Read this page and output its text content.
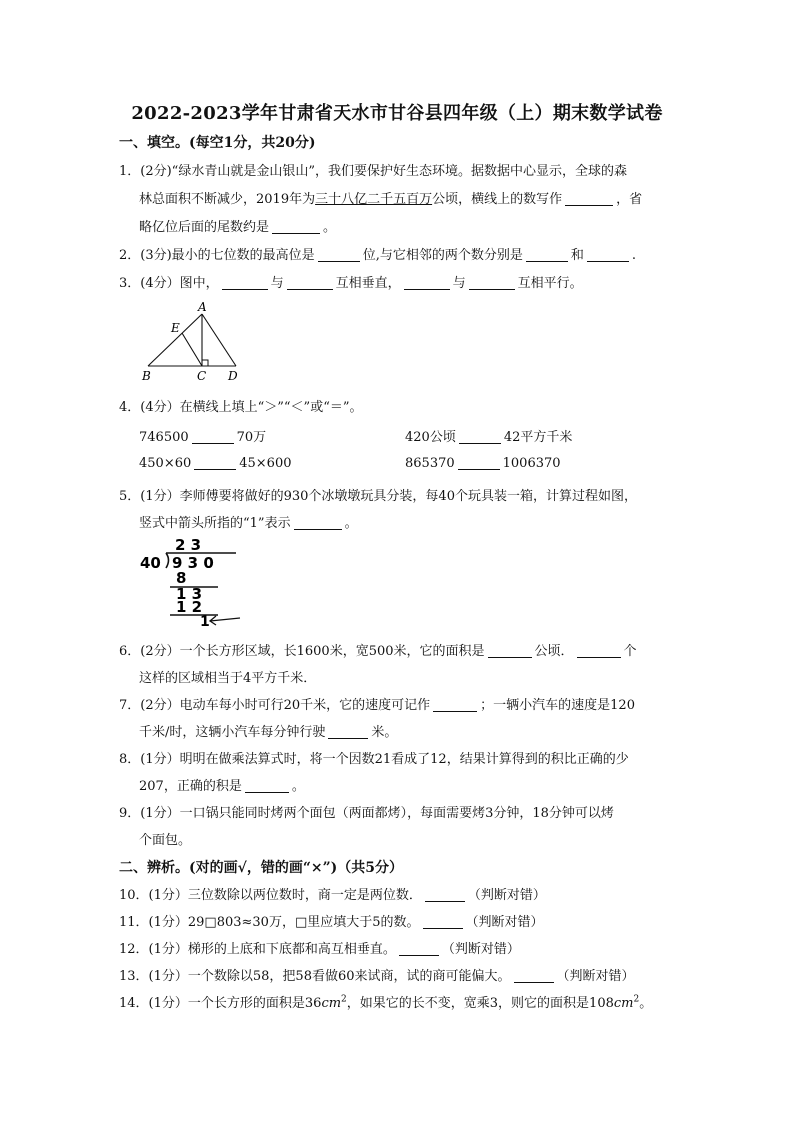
2022-2023学年甘肃省天水市甘谷县四年级（上）期末数学试卷
一、填空。(每空1分，共20分)
1．(2分)“绿水青山就是金山银山”，我们要保护好生态环境。据数据中心显示，全球的森
林总面积不断减少，2019年为三十八亿二千五百万公顷，横线上的数写作	，省
略亿位后面的尾数约是	。
2．(3分)最小的七位数的最高位是	位,与它相邻的两个数分别是	和	.
3．(4分）图中，	与	互相垂直，	与	互相平行。
A
E
B	C D
4．(4分）在横线上填上“＞”“＜”或“＝”。
746500	70万	420公顷	42平方千米
450×60	45×600	865370	1006370
5．(1分）李师傅要将做好的930个冰墩墩玩具分装，每40个玩具装一箱，计算过程如图，
竖式中箭头所指的“1”表示	。
2 3
40 9 3 0
8
1 3
1 2
1
6．(2分）一个长方形区域，长1600米，宽500米，它的面积是	公顷．	个
这样的区域相当于4平方千米．
7．(2分）电动车每小时可行20千米，它的速度可记作	；一辆小汽车的速度是120
千米/时，这辆小汽车每分钟行驶	米。
8．(1分）明明在做乘法算式时，将一个因数21看成了12，结果计算得到的积比正确的少
207，正确的积是	。
9．(1分）一口锅只能同时烤两个面包（两面都烤），每面需要烤3分钟，18分钟可以烤
个面包。
二、辨析。(对的画√，错的画“×”)（共5分）
10．(1分）三位数除以两位数时，商一定是两位数．	（判断对错）
11．(1分）29□803≈30万，□里应填大于5的数。	（判断对错）
12．(1分）梯形的上底和下底都和高互相垂直。	（判断对错）
13．(1分）一个数除以58，把58看做60来试商，试的商可能偏大。	（判断对错）
14．(1分）一个长方形的面积是$36cm^2$，如果它的长不变，宽乘3，则它的面积是$108cm^2$。
